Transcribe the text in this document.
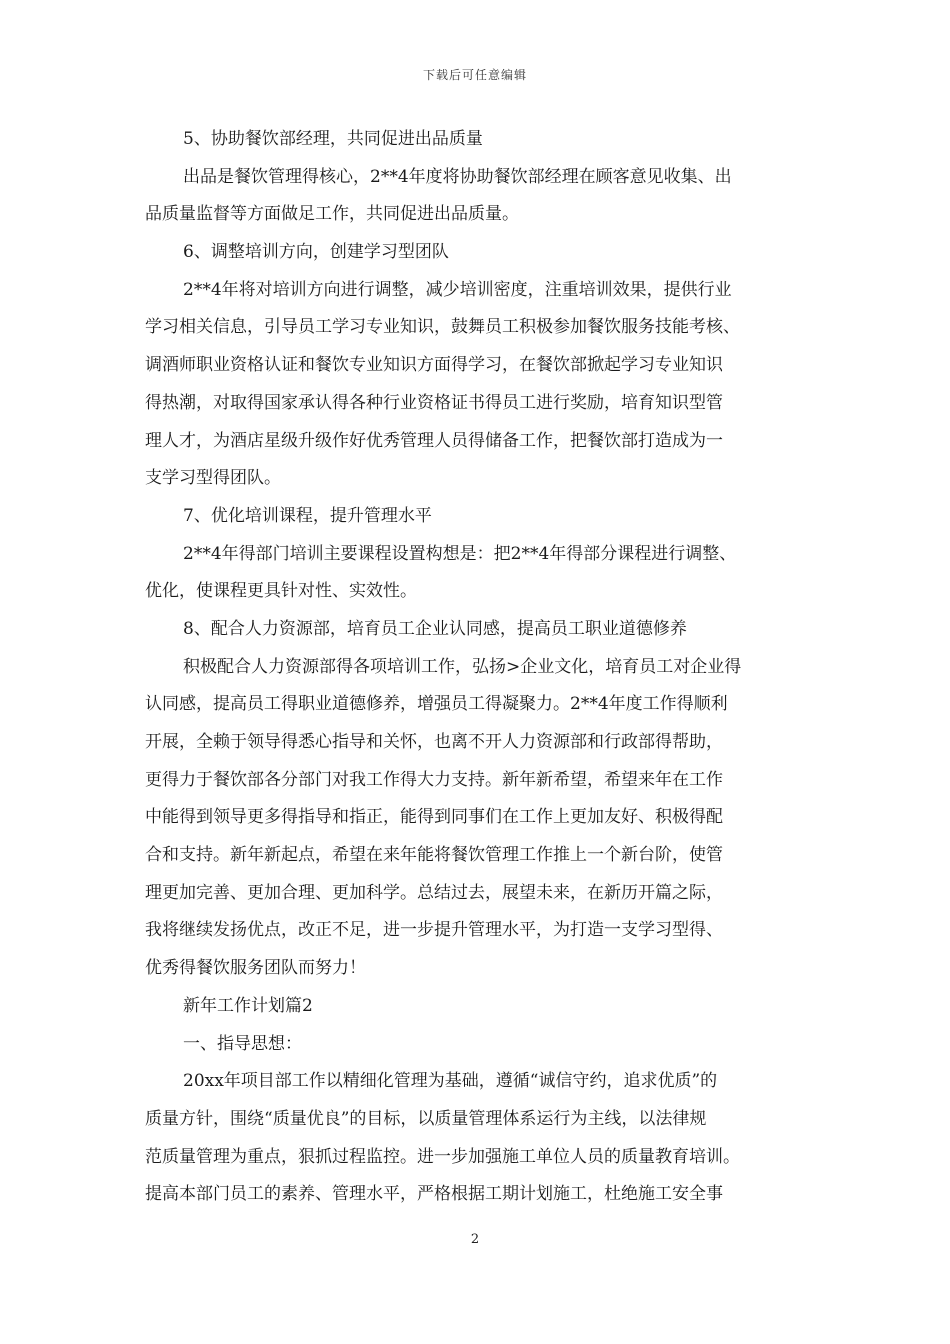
下载后可任意编辑
5、协助餐饮部经理，共同促进出品质量
出品是餐饮管理得核心，2**4年度将协助餐饮部经理在顾客意见收集、出
品质量监督等方面做足工作，共同促进出品质量。
6、调整培训方向，创建学习型团队
2**4年将对培训方向进行调整，减少培训密度，注重培训效果，提供行业
学习相关信息，引导员工学习专业知识，鼓舞员工积极参加餐饮服务技能考核、
调酒师职业资格认证和餐饮专业知识方面得学习，在餐饮部掀起学习专业知识
得热潮，对取得国家承认得各种行业资格证书得员工进行奖励，培育知识型管
理人才，为酒店星级升级作好优秀管理人员得储备工作，把餐饮部打造成为一
支学习型得团队。
7、优化培训课程，提升管理水平
2**4年得部门培训主要课程设置构想是：把2**4年得部分课程进行调整、
优化，使课程更具针对性、实效性。
8、配合人力资源部，培育员工企业认同感，提高员工职业道德修养
积极配合人力资源部得各项培训工作，弘扬>企业文化，培育员工对企业得
认同感，提高员工得职业道德修养，增强员工得凝聚力。2**4年度工作得顺利
开展，全赖于领导得悉心指导和关怀，也离不开人力资源部和行政部得帮助，
更得力于餐饮部各分部门对我工作得大力支持。新年新希望，希望来年在工作
中能得到领导更多得指导和指正，能得到同事们在工作上更加友好、积极得配
合和支持。新年新起点，希望在来年能将餐饮管理工作推上一个新台阶，使管
理更加完善、更加合理、更加科学。总结过去，展望未来，在新历开篇之际，
我将继续发扬优点，改正不足，进一步提升管理水平，为打造一支学习型得、
优秀得餐饮服务团队而努力！
新年工作计划篇2
一、指导思想：
20xx年项目部工作以精细化管理为基础，遵循“诚信守约，追求优质”的
质量方针，围绕“质量优良”的目标，以质量管理体系运行为主线，以法律规
范质量管理为重点，狠抓过程监控。进一步加强施工单位人员的质量教育培训。
提高本部门员工的素养、管理水平，严格根据工期计划施工，杜绝施工安全事
2
